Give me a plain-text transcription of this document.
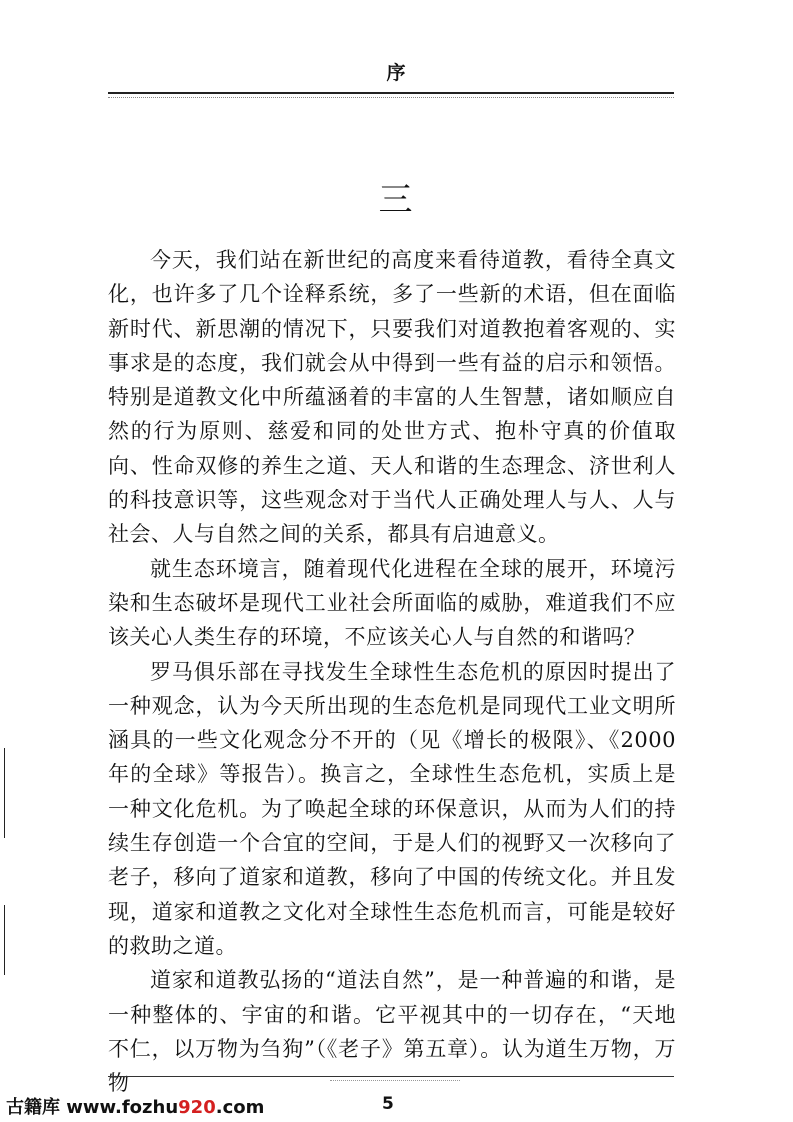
序
三

今天，我们站在新世纪的高度来看待道教，看待全真文化，也许多了几个诠释系统，多了一些新的术语，但在面临新时代、新思潮的情况下，只要我们对道教抱着客观的、实事求是的态度，我们就会从中得到一些有益的启示和领悟。特别是道教文化中所蕴涵着的丰富的人生智慧，诸如顺应自然的行为原则、慈爱和同的处世方式、抱朴守真的价值取向、性命双修的养生之道、天人和谐的生态理念、济世利人的科技意识等，这些观念对于当代人正确处理人与人、人与社会、人与自然之间的关系，都具有启迪意义。

就生态环境言，随着现代化进程在全球的展开，环境污染和生态破坏是现代工业社会所面临的威胁，难道我们不应该关心人类生存的环境，不应该关心人与自然的和谐吗？

罗马俱乐部在寻找发生全球性生态危机的原因时提出了一种观念，认为今天所出现的生态危机是同现代工业文明所涵具的一些文化观念分不开的（见《增长的极限》、《2000年的全球》等报告）。换言之，全球性生态危机，实质上是一种文化危机。为了唤起全球的环保意识，从而为人们的持续生存创造一个合宜的空间，于是人们的视野又一次移向了老子，移向了道家和道教，移向了中国的传统文化。并且发现，道家和道教之文化对全球性生态危机而言，可能是较好的救助之道。

道家和道教弘扬的“道法自然”，是一种普遍的和谐，是一种整体的、宇宙的和谐。它平视其中的一切存在，“天地不仁，以万物为刍狗”（《老子》第五章）。认为道生万物，万物

古籍库 www.fozhu920.com	5
